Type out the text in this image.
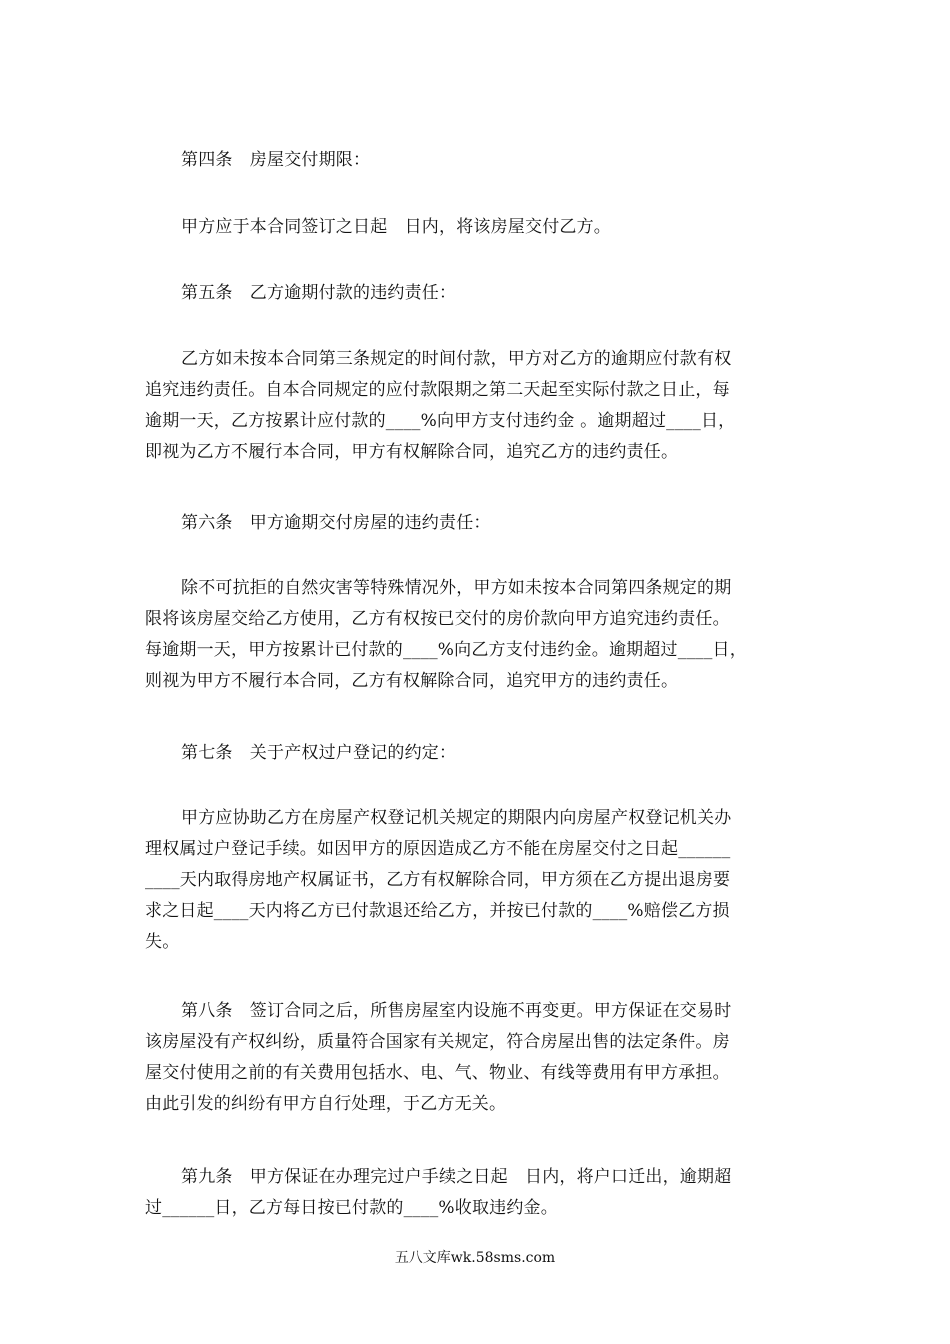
第四条　房屋交付期限：
甲方应于本合同签订之日起　日内，将该房屋交付乙方。
第五条　乙方逾期付款的违约责任：
乙方如未按本合同第三条规定的时间付款，甲方对乙方的逾期应付款有权
追究违约责任。自本合同规定的应付款限期之第二天起至实际付款之日止，每
逾期一天，乙方按累计应付款的____%向甲方支付违约金 。逾期超过____日，
即视为乙方不履行本合同，甲方有权解除合同，追究乙方的违约责任。
第六条　甲方逾期交付房屋的违约责任：
除不可抗拒的自然灾害等特殊情况外，甲方如未按本合同第四条规定的期
限将该房屋交给乙方使用，乙方有权按已交付的房价款向甲方追究违约责任。
每逾期一天，甲方按累计已付款的____%向乙方支付违约金。逾期超过____日，
则视为甲方不履行本合同，乙方有权解除合同，追究甲方的违约责任。
第七条　关于产权过户登记的约定：
甲方应协助乙方在房屋产权登记机关规定的期限内向房屋产权登记机关办
理权属过户登记手续。如因甲方的原因造成乙方不能在房屋交付之日起______
____天内取得房地产权属证书，乙方有权解除合同，甲方须在乙方提出退房要
求之日起____天内将乙方已付款退还给乙方，并按已付款的____%赔偿乙方损
失。
第八条　签订合同之后，所售房屋室内设施不再变更。甲方保证在交易时
该房屋没有产权纠纷，质量符合国家有关规定，符合房屋出售的法定条件。房
屋交付使用之前的有关费用包括水、电、气、物业、有线等费用有甲方承担。
由此引发的纠纷有甲方自行处理，于乙方无关。
第九条　甲方保证在办理完过户手续之日起　日内，将户口迁出，逾期超
过______日，乙方每日按已付款的____%收取违约金。
五八文库wk.58sms.com
